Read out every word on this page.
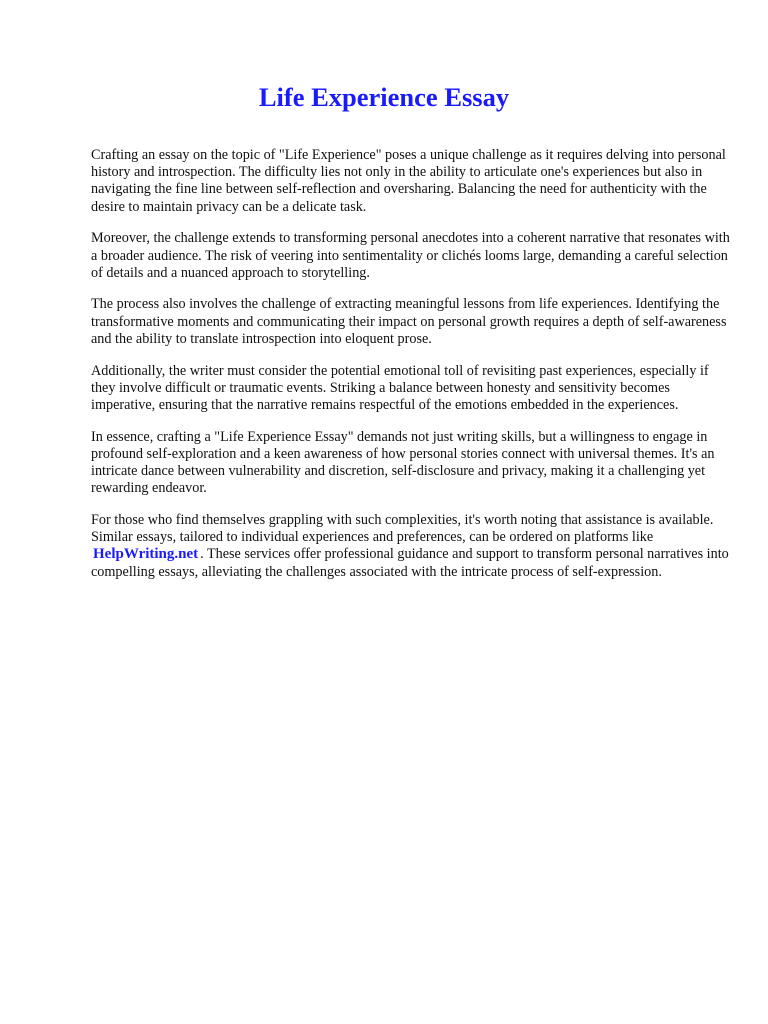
Life Experience Essay

Crafting an essay on the topic of "Life Experience" poses a unique challenge as it requires delving into personal history and introspection. The difficulty lies not only in the ability to articulate one's experiences but also in navigating the fine line between self-reflection and oversharing. Balancing the need for authenticity with the desire to maintain privacy can be a delicate task.

Moreover, the challenge extends to transforming personal anecdotes into a coherent narrative that resonates with a broader audience. The risk of veering into sentimentality or clichés looms large, demanding a careful selection of details and a nuanced approach to storytelling.

The process also involves the challenge of extracting meaningful lessons from life experiences. Identifying the transformative moments and communicating their impact on personal growth requires a depth of self-awareness and the ability to translate introspection into eloquent prose.

Additionally, the writer must consider the potential emotional toll of revisiting past experiences, especially if they involve difficult or traumatic events. Striking a balance between honesty and sensitivity becomes imperative, ensuring that the narrative remains respectful of the emotions embedded in the experiences.

In essence, crafting a "Life Experience Essay" demands not just writing skills, but a willingness to engage in profound self-exploration and a keen awareness of how personal stories connect with universal themes. It's an intricate dance between vulnerability and discretion, self-disclosure and privacy, making it a challenging yet rewarding endeavor.

For those who find themselves grappling with such complexities, it's worth noting that assistance is available. Similar essays, tailored to individual experiences and preferences, can be ordered on platforms like HelpWriting.net . These services offer professional guidance and support to transform personal narratives into compelling essays, alleviating the challenges associated with the intricate process of self-expression.
